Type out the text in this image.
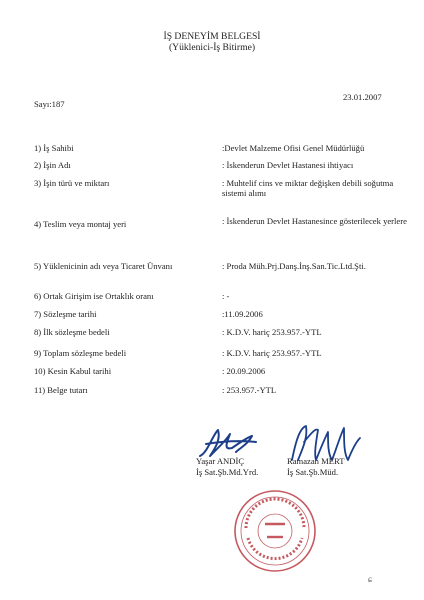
İŞ DENEYİM BELGESİ
(Yüklenici-İş Bitirme)
23.01.2007
Sayı:187
1) İş Sahibi	:Devlet Malzeme Ofisi Genel Müdürlüğü
2) İşin Adı	: İskenderun Devlet Hastanesi ihtiyacı
3) İşin türü ve miktarı	: Muhtelif cins ve miktar değişken debili soğutma sistemi alımı
4) Teslim veya montaj yeri	: İskenderun Devlet Hastanesince gösterilecek yerlere
5) Yüklenicinin adı veya Ticaret Ünvanı	: Proda Müh.Prj.Danş.İnş.San.Tic.Ltd.Şti.
6) Ortak Girişim ise Ortaklık oranı	: -
7) Sözleşme tarihi	:11.09.2006
8) İlk sözleşme bedeli	: K.D.V. hariç 253.957.-YTL
9) Toplam sözleşme bedeli	: K.D.V. hariç 253.957.-YTL
10) Kesin Kabul tarihi	: 20.09.2006
11) Belge tutarı	: 253.957.-YTL
Yaşar ANDİÇ
İş Sat.Şb.Md.Yrd.
Ramazan MERT
İş Sat.Şb.Müd.
ɕ
